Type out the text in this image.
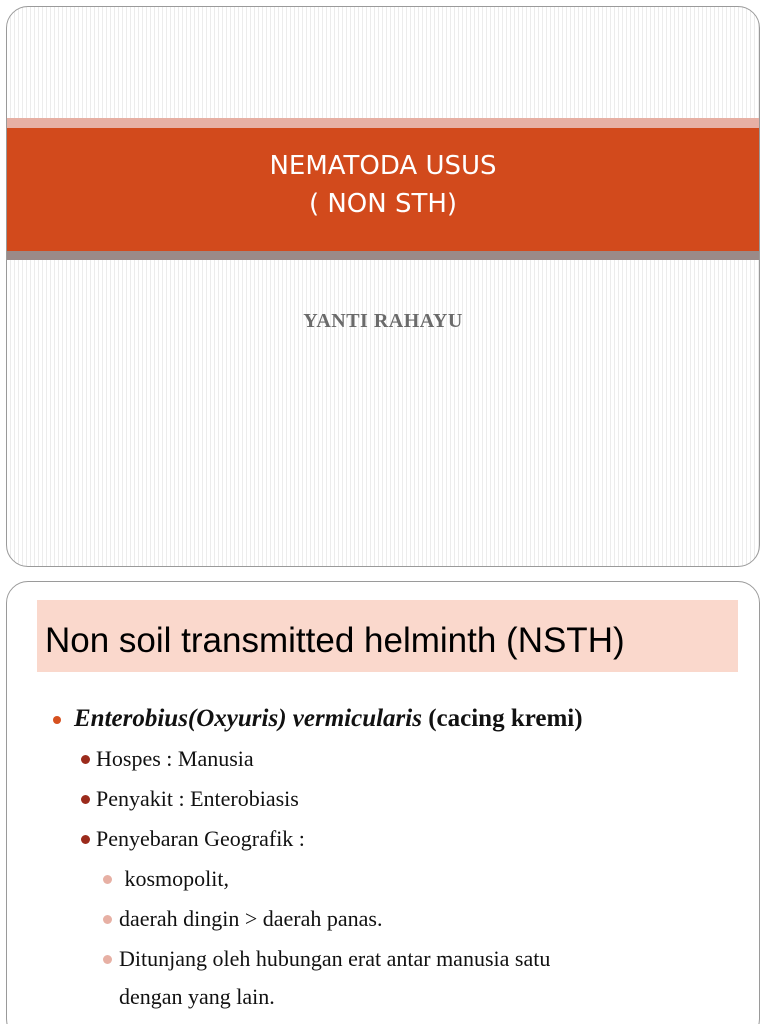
NEMATODA USUS
( NON STH)
YANTI RAHAYU
Non soil transmitted helminth (NSTH)
Enterobius(Oxyuris) vermicularis (cacing kremi)
Hospes : Manusia
Penyakit : Enterobiasis
Penyebaran Geografik :
kosmopolit,
daerah dingin > daerah panas.
Ditunjang oleh hubungan erat antar manusia satu
dengan yang lain.
